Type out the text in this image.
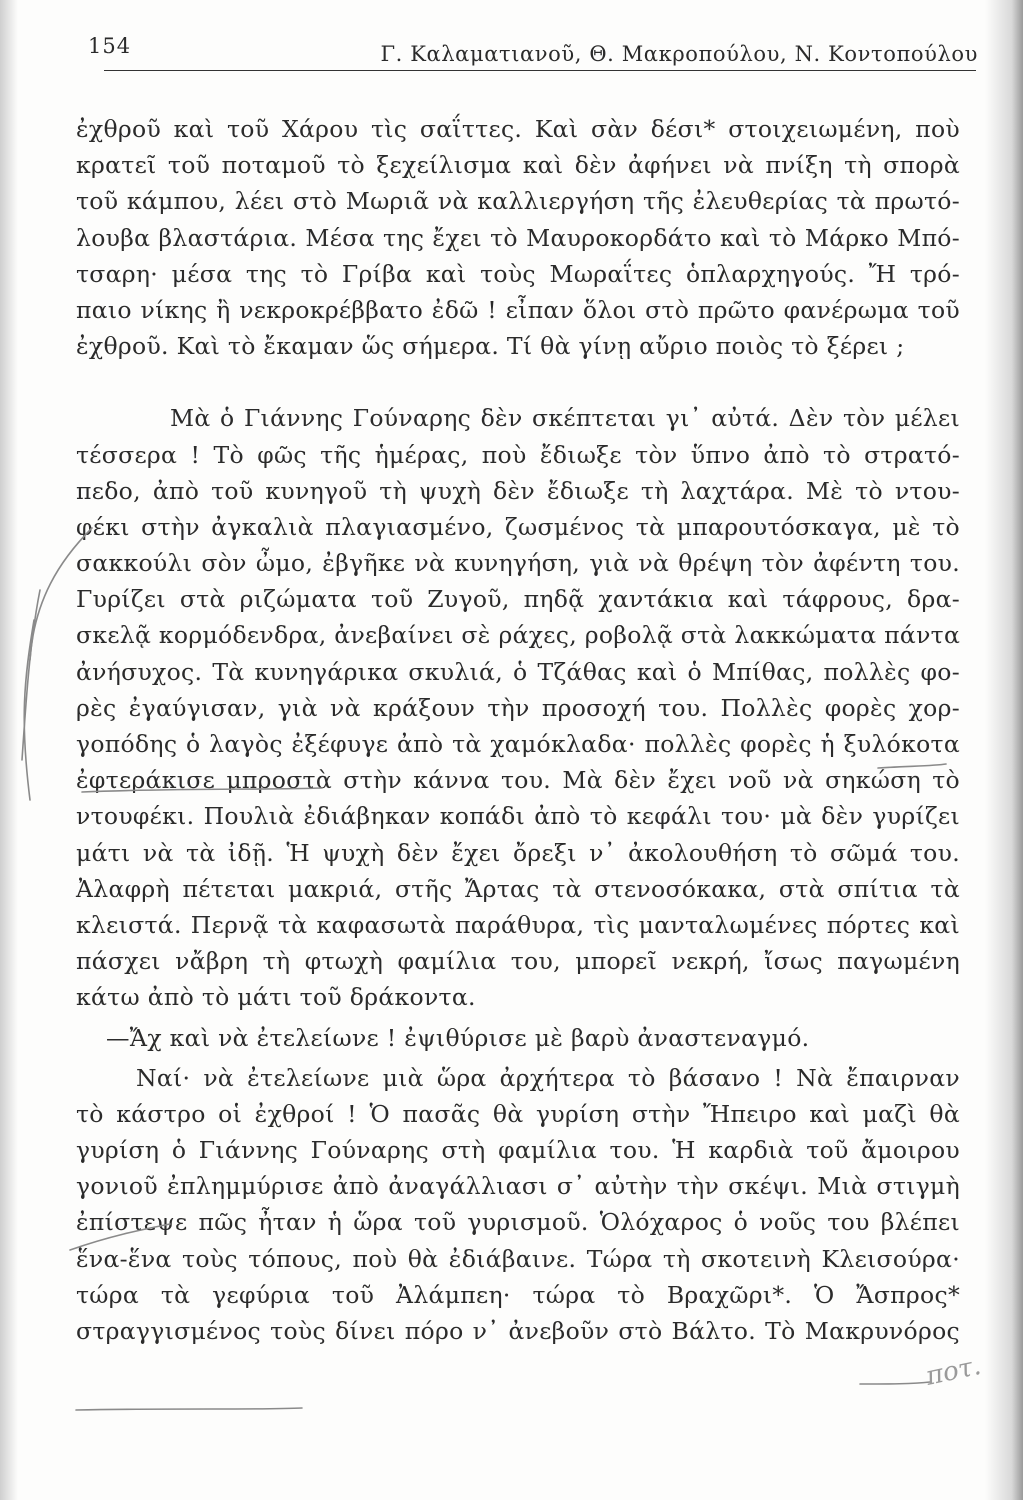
154	Γ. Καλαματιανοῦ, Θ. Μακροπούλου, Ν. Κοντοπούλου
ἐχθροῦ καὶ τοῦ Χάρου τὶς σαΐττες. Καὶ σὰν δέσι* στοιχειωμένη, ποὺ
κρατεῖ τοῦ ποταμοῦ τὸ ξεχείλισμα καὶ δὲν ἀφήνει νὰ πνίξη τὴ σπορὰ
τοῦ κάμπου, λέει στὸ Μωριᾶ νὰ καλλιεργήση τῆς ἐλευθερίας τὰ πρωτό-
λουβα βλαστάρια. Μέσα της ἔχει τὸ Μαυροκορδάτο καὶ τὸ Μάρκο Μπό-
τσαρη· μέσα της τὸ Γρίβα καὶ τοὺς Μωραΐτες ὁπλαρχηγούς. Ἤ τρό-
παιο νίκης ἢ νεκροκρέββατο ἐδῶ ! εἶπαν ὅλοι στὸ πρῶτο φανέρωμα τοῦ
ἐχθροῦ. Καὶ τὸ ἔκαμαν ὥς σήμερα. Τί θὰ γίνῃ αὔριο ποιὸς τὸ ξέρει ;
Μὰ ὁ Γιάννης Γούναρης δὲν σκέπτεται γι᾽ αὐτά. Δὲν τὸν μέλει
τέσσερα ! Τὸ φῶς τῆς ἡμέρας, ποὺ ἔδιωξε τὸν ὕπνο ἀπὸ τὸ στρατό-
πεδο, ἀπὸ τοῦ κυνηγοῦ τὴ ψυχὴ δὲν ἔδιωξε τὴ λαχτάρα. Μὲ τὸ ντου-
φέκι στὴν ἀγκαλιὰ πλαγιασμένο, ζωσμένος τὰ μπαρουτόσκαγα, μὲ τὸ
σακκούλι σὸν ὦμο, ἐβγῆκε νὰ κυνηγήση, γιὰ νὰ θρέψη τὸν ἀφέντη του.
Γυρίζει στὰ ριζώματα τοῦ Ζυγοῦ, πηδᾷ χαντάκια καὶ τάφρους, δρα-
σκελᾷ κορμόδενδρα, ἀνεβαίνει σὲ ράχες, ροβολᾷ στὰ λακκώματα πάντα
ἀνήσυχος. Τὰ κυνηγάρικα σκυλιά, ὁ Τζάθας καὶ ὁ Μπίθας, πολλὲς φο-
ρὲς ἐγαύγισαν, γιὰ νὰ κράξουν τὴν προσοχή του. Πολλὲς φορὲς χορ-
γοπόδης ὁ λαγὸς ἐξέφυγε ἀπὸ τὰ χαμόκλαδα· πολλὲς φορὲς ἡ ξυλόκοτα
ἐφτεράκισε μπροστὰ στὴν κάννα του. Μὰ δὲν ἔχει νοῦ νὰ σηκώση τὸ
ντουφέκι. Πουλιὰ ἐδιάβηκαν κοπάδι ἀπὸ τὸ κεφάλι του· μὰ δὲν γυρίζει
μάτι νὰ τὰ ἰδῇ. Ἡ ψυχὴ δὲν ἔχει ὄρεξι ν᾽ ἀκολουθήση τὸ σῶμά του.
Ἀλαφρὴ πέτεται μακριά, στῆς Ἄρτας τὰ στενοσόκακα, στὰ σπίτια τὰ
κλειστά. Περνᾷ τὰ καφασωτὰ παράθυρα, τὶς μανταλωμένες πόρτες καὶ
πάσχει νἄβρη τὴ φτωχὴ φαμίλια του, μπορεῖ νεκρή, ἴσως παγωμένη
κάτω ἀπὸ τὸ μάτι τοῦ δράκοντα.
—Ἄχ καὶ νὰ ἐτελείωνε ! ἐψιθύρισε μὲ βαρὺ ἀναστεναγμό.
Ναί· νὰ ἐτελείωνε μιὰ ὥρα ἀρχήτερα τὸ βάσανο ! Νὰ ἔπαιρναν
τὸ κάστρο οἱ ἐχθροί ! Ὁ πασᾶς θὰ γυρίση στὴν Ἤπειρο καὶ μαζὶ θὰ
γυρίση ὁ Γιάννης Γούναρης στὴ φαμίλια του. Ἡ καρδιὰ τοῦ ἄμοιρου
γονιοῦ ἐπλημμύρισε ἀπὸ ἀναγάλλιασι σ᾽ αὐτὴν τὴν σκέψι. Μιὰ στιγμὴ
ἐπίστεψε πῶς ἦταν ἡ ὥρα τοῦ γυρισμοῦ. Ὁλόχαρος ὁ νοῦς του βλέπει
ἕνα-ἕνα τοὺς τόπους, ποὺ θὰ ἐδιάβαινε. Τώρα τὴ σκοτεινὴ Κλεισούρα·
τώρα τὰ γεφύρια τοῦ Ἀλάμπεη· τώρα τὸ Βραχῶρι*. Ὁ Ἄσπρος*
στραγγισμένος τοὺς δίνει πόρο ν᾽ ἀνεβοῦν στὸ Βάλτο. Τὸ Μακρυνόρος
ποτ.
